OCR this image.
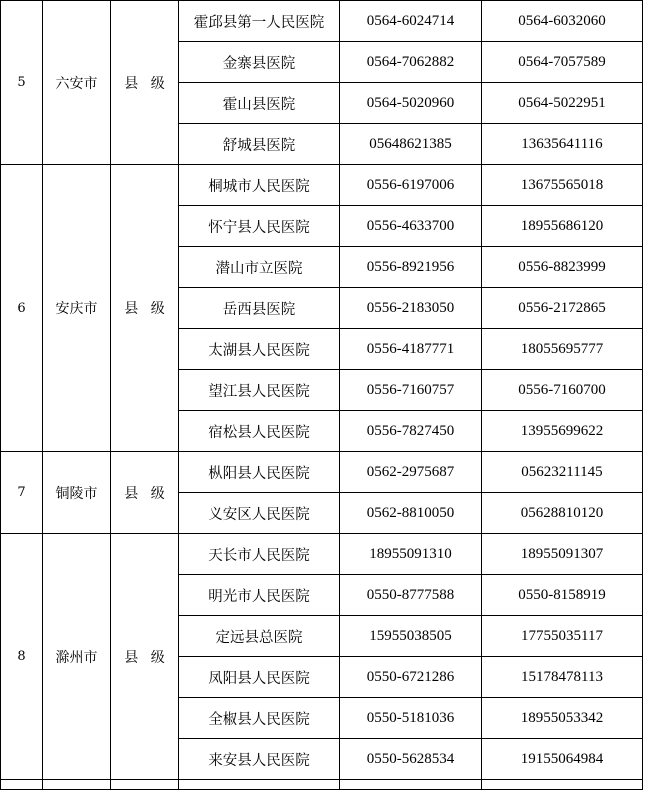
5	六安市	县级	霍邱县第一人民医院	0564-6024714	0564-6032060
			金寨县医院	0564-7062882	0564-7057589
			霍山县医院	0564-5020960	0564-5022951
			舒城县医院	05648621385	13635641116
6	安庆市	县级	桐城市人民医院	0556-6197006	13675565018
			怀宁县人民医院	0556-4633700	18955686120
			潜山市立医院	0556-8921956	0556-8823999
			岳西县医院	0556-2183050	0556-2172865
			太湖县人民医院	0556-4187771	18055695777
			望江县人民医院	0556-7160757	0556-7160700
			宿松县人民医院	0556-7827450	13955699622
7	铜陵市	县级	枞阳县人民医院	0562-2975687	05623211145
			义安区人民医院	0562-8810050	05628810120
8	滁州市	县级	天长市人民医院	18955091310	18955091307
			明光市人民医院	0550-8777588	0550-8158919
			定远县总医院	15955038505	17755035117
			凤阳县人民医院	0550-6721286	15178478113
			全椒县人民医院	0550-5181036	18955053342
			来安县人民医院	0550-5628534	19155064984
